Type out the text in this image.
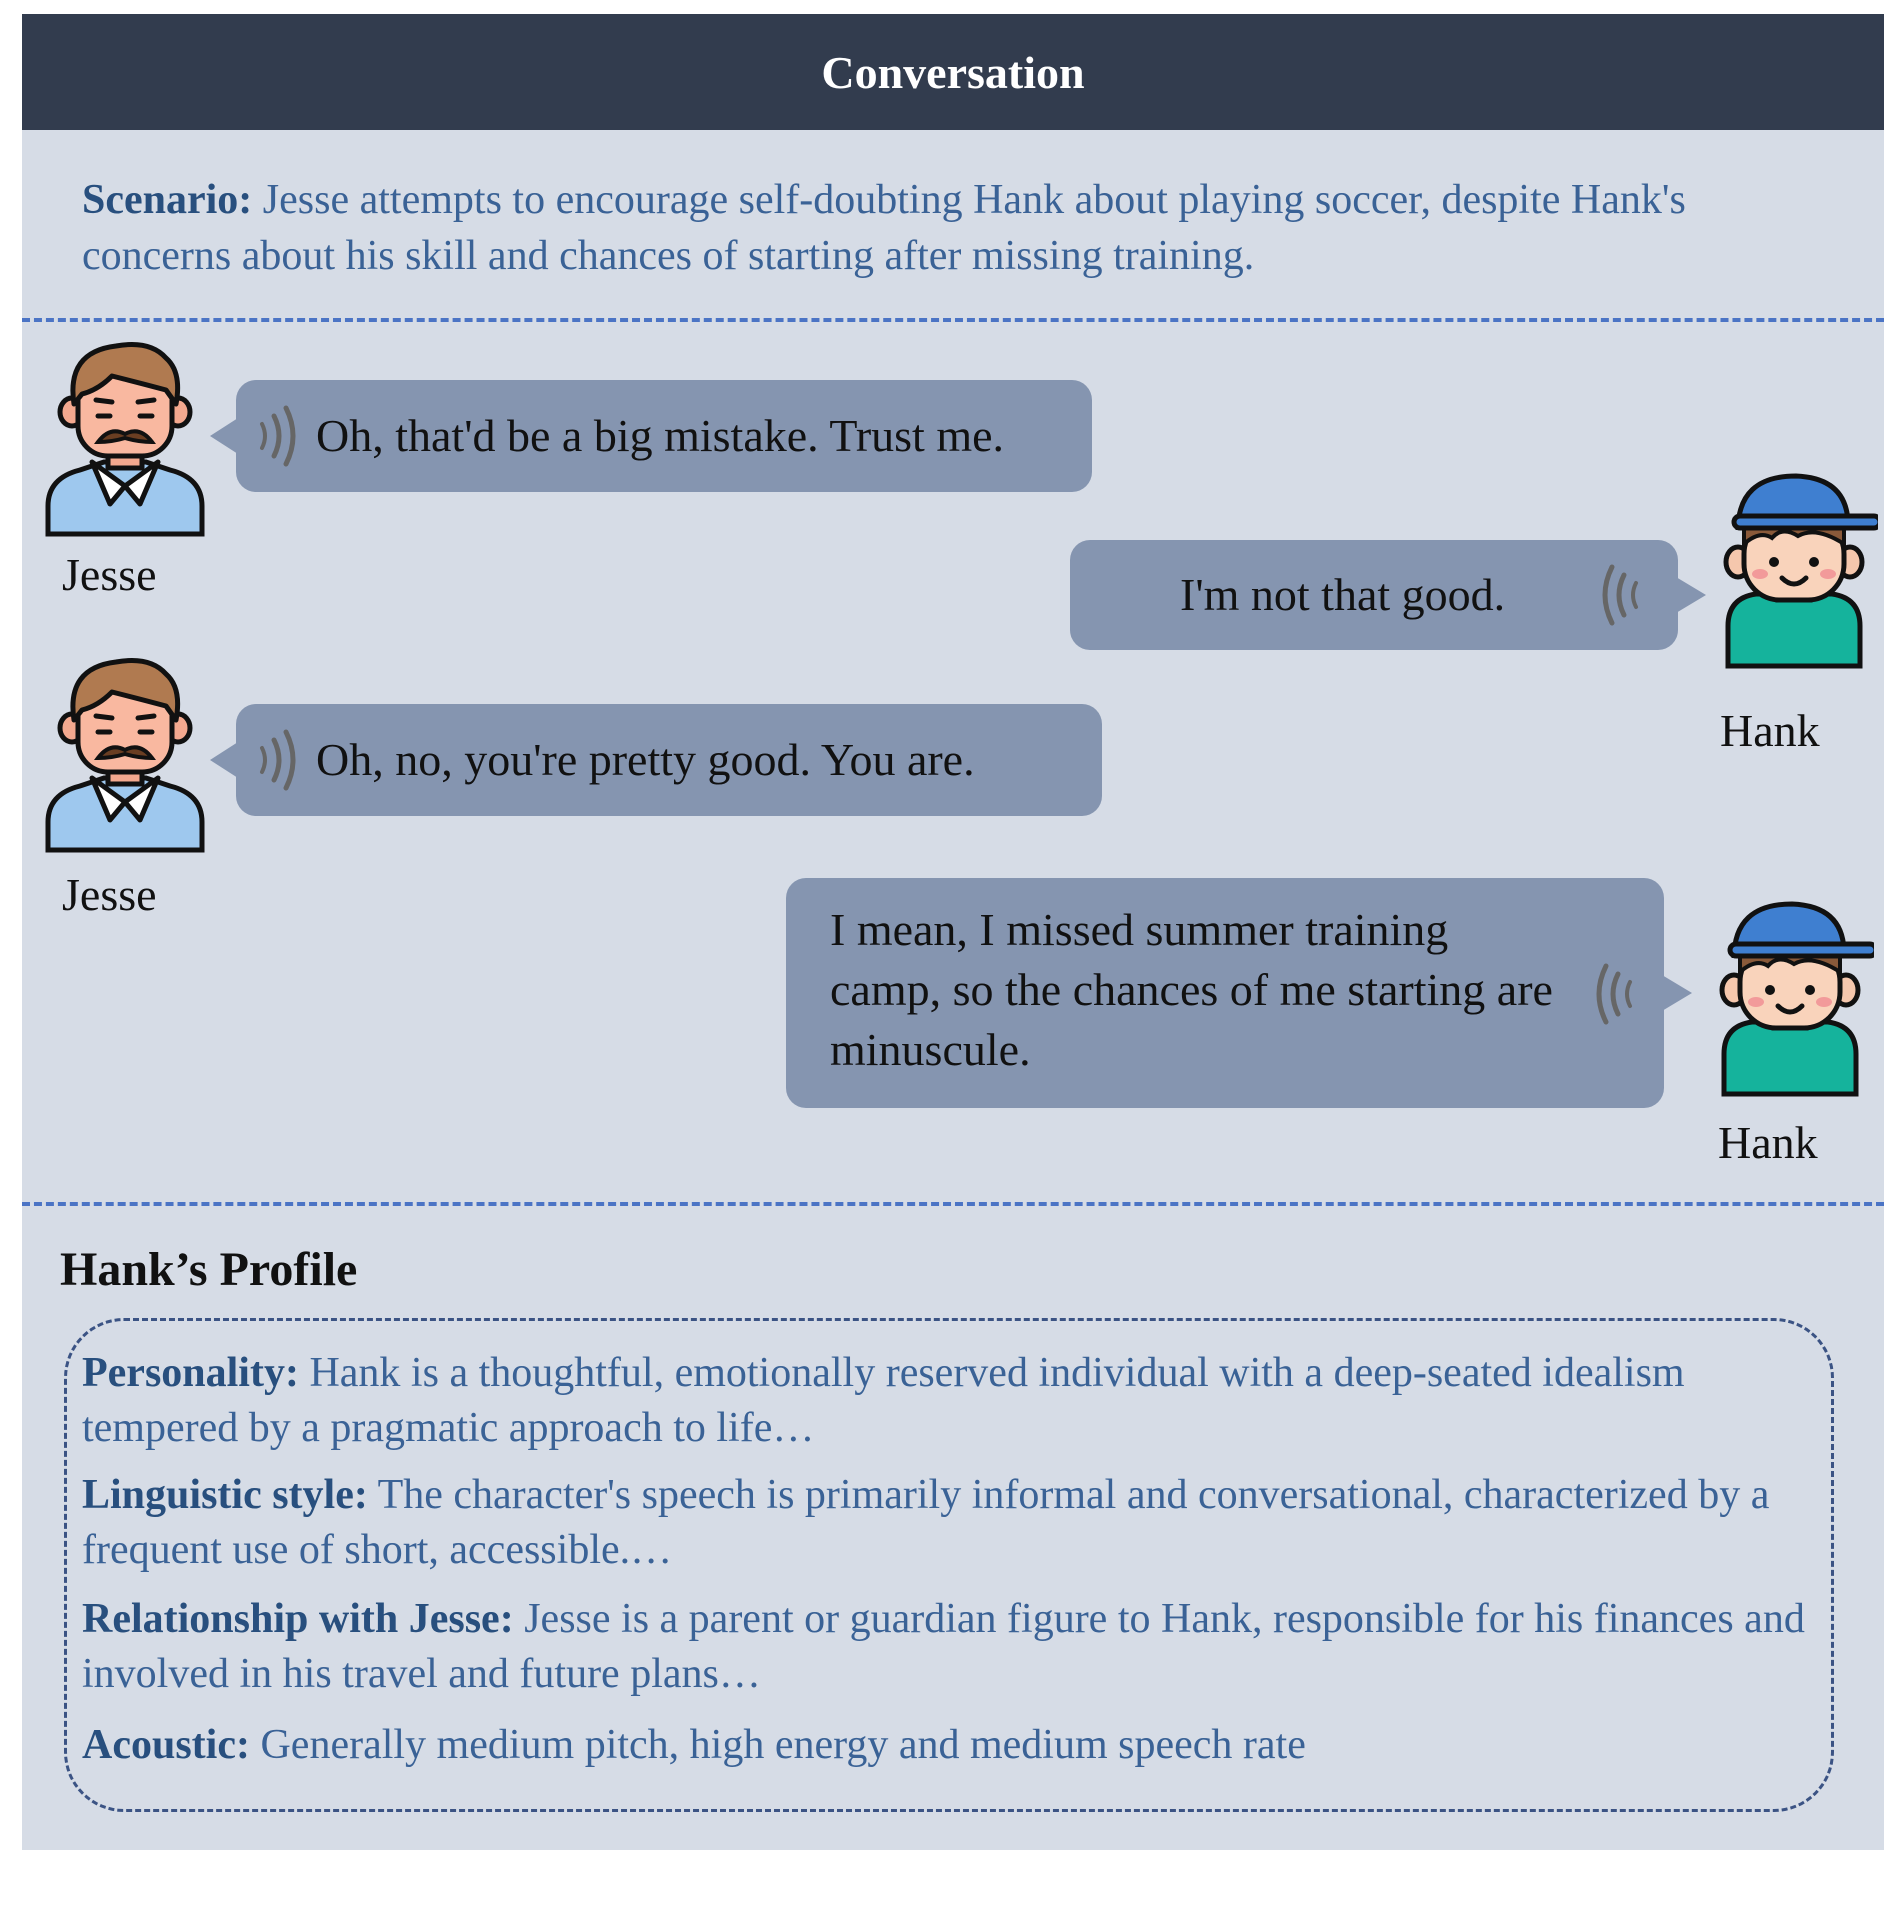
Conversation
Scenario: Jesse attempts to encourage self-doubting Hank about playing soccer, despite Hank's concerns about his skill and chances of starting after missing training.
Jesse
Oh, that'd be a big mistake. Trust me.
Hank
I'm not that good.
Jesse
Oh, no, you're pretty good. You are.
Hank
I mean, I missed summer training camp, so the chances of me starting are minuscule.
Hank’s Profile
Personality: Hank is a thoughtful, emotionally reserved individual with a deep-seated idealism tempered by a pragmatic approach to life…
Linguistic style: The character's speech is primarily informal and conversational, characterized by a frequent use of short, accessible.…
Relationship with Jesse: Jesse is a parent or guardian figure to Hank, responsible for his finances and involved in his travel and future plans…
Acoustic: Generally medium pitch, high energy and medium speech rate
